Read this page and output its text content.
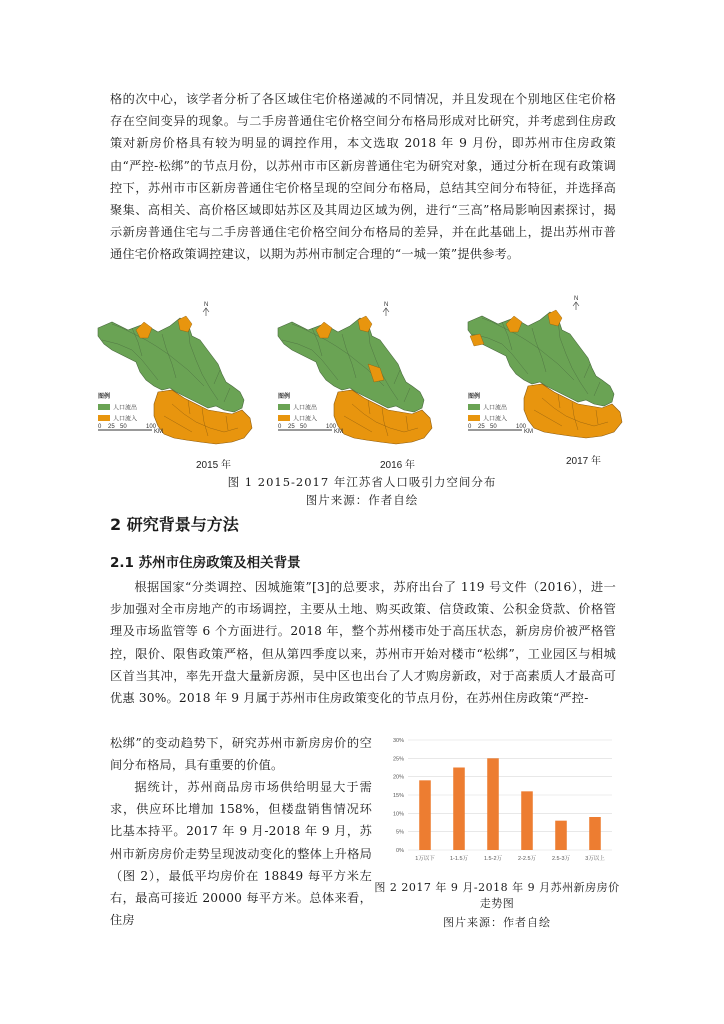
格的次中心，该学者分析了各区域住宅价格递减的不同情况，并且发现在个别地区住宅价格存在空间变异的现象。与二手房普通住宅价格空间分布格局形成对比研究，并考虑到住房政策对新房价格具有较为明显的调控作用，本文选取 2018 年 9 月份，即苏州市住房政策由“严控-松绑”的节点月份，以苏州市市区新房普通住宅为研究对象，通过分析在现有政策调控下，苏州市市区新房普通住宅价格呈现的空间分布格局，总结其空间分布特征，并选择高聚集、高相关、高价格区域即姑苏区及其周边区域为例，进行“三高”格局影响因素探讨，揭示新房普通住宅与二手房普通住宅价格空间分布格局的差异，并在此基础上，提出苏州市普通住宅价格政策调控建议，以期为苏州市制定合理的“一城一策”提供参考。

N	N
N
图例
人口流出
人口流入
0 25 50	100
KM
图例
人口流出
人口流入
0 25 50	100
KM
图例
人口流出
人口流入
0 25 50	100
KM
2015 年	2016 年	2017 年
图 1 2015-2017 年江苏省人口吸引力空间分布
图片来源：作者自绘
2 研究背景与方法
2.1 苏州市住房政策及相关背景

根据国家“分类调控、因城施策”[3]的总要求，苏府出台了 119 号文件（2016），进一步加强对全市房地产的市场调控，主要从土地、购买政策、信贷政策、公积金贷款、价格管理及市场监管等 6 个方面进行。2018 年，整个苏州楼市处于高压状态，新房房价被严格管控，限价、限售政策严格，但从第四季度以来，苏州市开始对楼市“松绑”，工业园区与相城区首当其冲，率先开盘大量新房源，吴中区也出台了人才购房新政，对于高素质人才最高可优惠 30%。2018 年 9 月属于苏州市住房政策变化的节点月份，在苏州住房政策“严控-

松绑”的变动趋势下，研究苏州市新房房价的空间分布格局，具有重要的价值。

据统计，苏州商品房市场供给明显大于需求，供应环比增加 158%，但楼盘销售情况环比基本持平。2017 年 9 月-2018 年 9 月，苏州市新房房价走势呈现波动变化的整体上升格局（图 2），最低平均房价在 18849 每平方米左右，最高可接近 20000 每平方米。总体来看，住房

0%
5%
10%
15%
20%
25%
30%
1万以下	1-1.5万	1.5-2万	2-2.5万	2.5-3万	3万以上
图 2 2017 年 9 月-2018 年 9 月苏州新房房价走势图
图片来源：作者自绘
